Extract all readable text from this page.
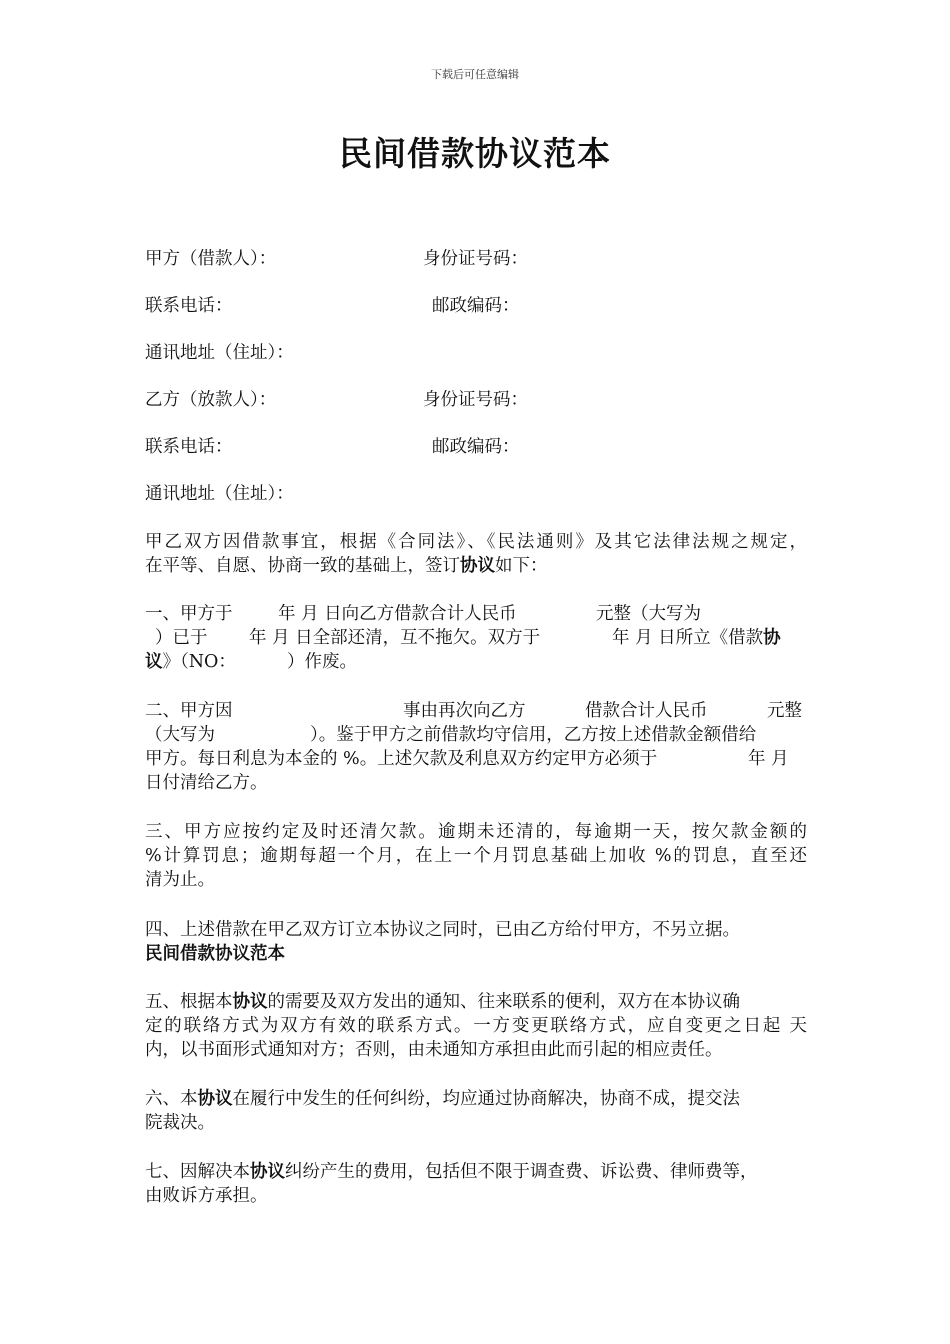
下载后可任意编辑
民间借款协议范本
甲方（借款人）：	身份证号码：
联系电话：	邮政编码：
通讯地址（住址）：
乙方（放款人）：	身份证号码：
联系电话：	邮政编码：
通讯地址（住址）：
甲乙双方因借款事宜，根据《合同法》、《民法通则》及其它法律法规之规定，
在平等、自愿、协商一致的基础上，签订协议如下：
一、甲方于	年 月 日向乙方借款合计人民币	元整（大写为
）已于 年 月 日全部还清，互不拖欠。双方于	年 月 日所立《借款协
议》（NO：	）作废。
二、甲方因	事由再次向乙方	借款合计人民币	元整
（大写为	）。鉴于甲方之前借款均守信用，乙方按上述借款金额借给
甲方。每日利息为本金的 %。上述欠款及利息双方约定甲方必须于	年 月
日付清给乙方。
三、甲方应按约定及时还清欠款。逾期未还清的，每逾期一天，按欠款金额的
%计算罚息；逾期每超一个月，在上一个月罚息基础上加收 %的罚息，直至还
清为止。
四、上述借款在甲乙双方订立本协议之同时，已由乙方给付甲方，不另立据。
民间借款协议范本
五、根据本协议的需要及双方发出的通知、往来联系的便利，双方在本协议确
定的联络方式为双方有效的联系方式。一方变更联络方式，应自变更之日起 天
内，以书面形式通知对方；否则，由未通知方承担由此而引起的相应责任。
六、本协议在履行中发生的任何纠纷，均应通过协商解决，协商不成，提交法
院裁决。
七、因解决本协议纠纷产生的费用，包括但不限于调查费、诉讼费、律师费等，
由败诉方承担。
